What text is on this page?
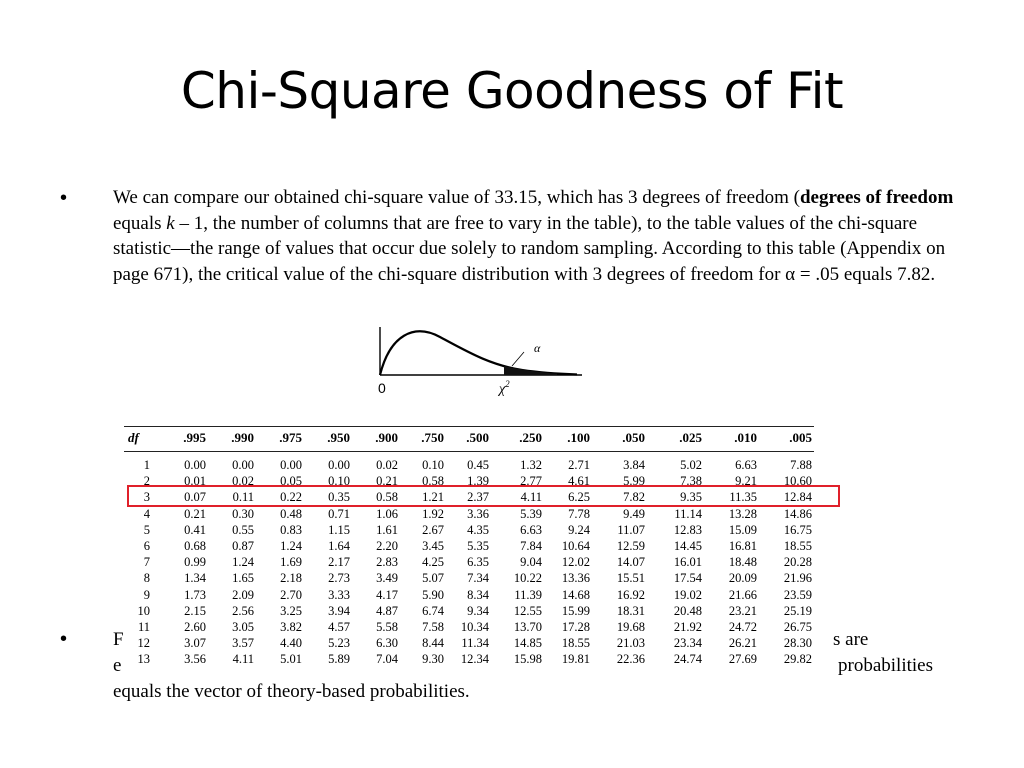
Chi-Square Goodness of Fit
• We can compare our obtained chi-square value of 33.15, which has 3 degrees of freedom (degrees of freedom equals k – 1, the number of columns that are free to vary in the table), to the table values of the chi-square statistic—the range of values that occur due solely to random sampling. According to this table (Appendix on page 671), the critical value of the chi-square distribution with 3 degrees of freedom for α = .05 equals 7.82.
α
0	$\chi^2$
• F	s are
e	probabilities
equals the vector of theory-based probabilities.
df	.995	.990	.975	.950	.900	.750	.500	.250	.100	.050	.025	.010	.005
1	0.00	0.00	0.00	0.00	0.02	0.10	0.45	1.32	2.71	3.84	5.02	6.63	7.88
2	0.01	0.02	0.05	0.10	0.21	0.58	1.39	2.77	4.61	5.99	7.38	9.21	10.60
3	0.07	0.11	0.22	0.35	0.58	1.21	2.37	4.11	6.25	7.82	9.35	11.35	12.84
4	0.21	0.30	0.48	0.71	1.06	1.92	3.36	5.39	7.78	9.49	11.14	13.28	14.86
5	0.41	0.55	0.83	1.15	1.61	2.67	4.35	6.63	9.24	11.07	12.83	15.09	16.75
6	0.68	0.87	1.24	1.64	2.20	3.45	5.35	7.84	10.64	12.59	14.45	16.81	18.55
7	0.99	1.24	1.69	2.17	2.83	4.25	6.35	9.04	12.02	14.07	16.01	18.48	20.28
8	1.34	1.65	2.18	2.73	3.49	5.07	7.34	10.22	13.36	15.51	17.54	20.09	21.96
9	1.73	2.09	2.70	3.33	4.17	5.90	8.34	11.39	14.68	16.92	19.02	21.66	23.59
10	2.15	2.56	3.25	3.94	4.87	6.74	9.34	12.55	15.99	18.31	20.48	23.21	25.19
11	2.60	3.05	3.82	4.57	5.58	7.58	10.34	13.70	17.28	19.68	21.92	24.72	26.75
12	3.07	3.57	4.40	5.23	6.30	8.44	11.34	14.85	18.55	21.03	23.34	26.21	28.30
13	3.56	4.11	5.01	5.89	7.04	9.30	12.34	15.98	19.81	22.36	24.74	27.69	29.82
